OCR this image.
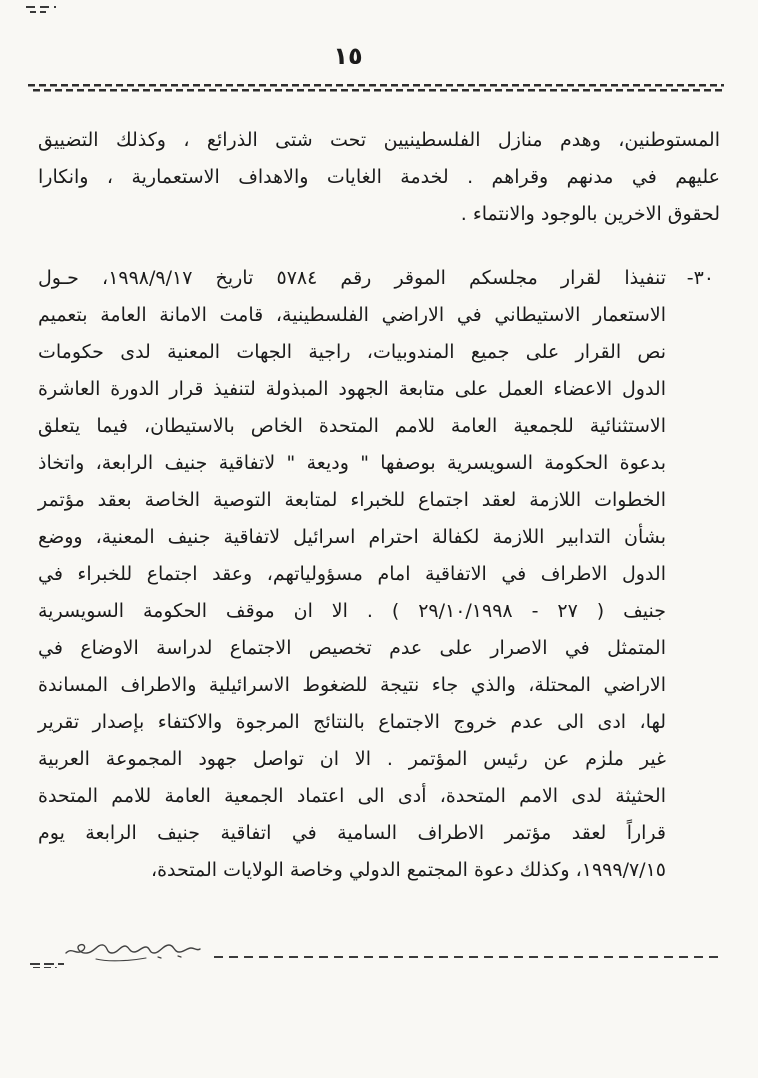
١٥
المستوطنين، وهدم منازل الفلسطينيين تحت شتى الذرائع ، وكذلك التضييق
عليهم في مدنهم وقراهم . لخدمة الغايات والاهداف الاستعمارية ، وانكارا
لحقوق الاخرين بالوجود والانتماء .
٣٠-
تنفيذا لقرار مجلسكم الموقر رقم ٥٧٨٤ تاريخ ١٩٩٨/٩/١٧، حـول
الاستعمار الاستيطاني في الاراضي الفلسطينية، قامت الامانة العامة بتعميم
نص القرار على جميع المندوبيات، راجية الجهات المعنية لدى حكومات
الدول الاعضاء العمل على متابعة الجهود المبذولة لتنفيذ قرار الدورة العاشرة
الاستثنائية للجمعية العامة للامم المتحدة الخاص بالاستيطان، فيما يتعلق
بدعوة الحكومة السويسرية بوصفها " وديعة " لاتفاقية جنيف الرابعة، واتخاذ
الخطوات اللازمة لعقد اجتماع للخبراء لمتابعة التوصية الخاصة بعقد مؤتمر
بشأن التدابير اللازمة لكفالة احترام اسرائيل لاتفاقية جنيف المعنية، ووضع
الدول الاطراف في الاتفاقية امام مسؤولياتهم، وعقد اجتماع للخبراء في
جنيف ( ٢٧ - ٢٩/١٠/١٩٩٨ ) . الا ان موقف الحكومة السويسرية
المتمثل في الاصرار على عدم تخصيص الاجتماع لدراسة الاوضاع في
الاراضي المحتلة، والذي جاء نتيجة للضغوط الاسرائيلية والاطراف المساندة
لها، ادى الى عدم خروج الاجتماع بالنتائج المرجوة والاكتفاء بإصدار تقرير
غير ملزم عن رئيس المؤتمر . الا ان تواصل جهود المجموعة العربية
الحثيثة لدى الامم المتحدة، أدى الى اعتماد الجمعية العامة للامم المتحدة
قراراً لعقد مؤتمر الاطراف السامية في اتفاقية جنيف الرابعة يوم
١٩٩٩/٧/١٥، وكذلك دعوة المجتمع الدولي وخاصة الولايات المتحدة،
